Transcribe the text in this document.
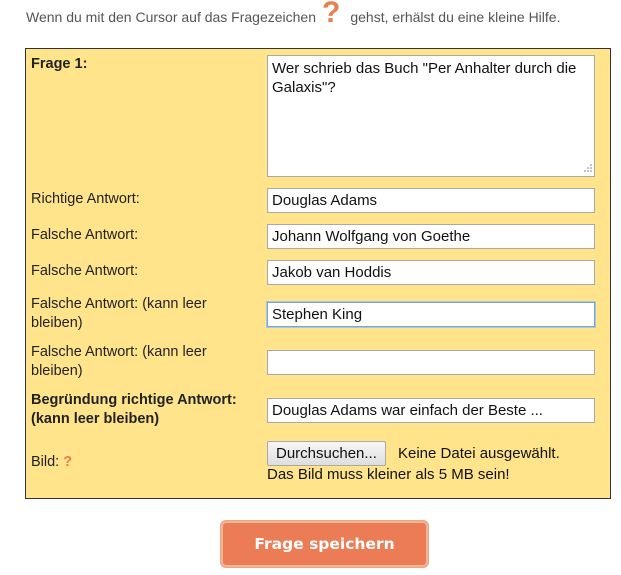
Wenn du mit den Cursor auf das Fragezeichen ? gehst, erhälst du eine kleine Hilfe.
Frage 1:
Wer schrieb das Buch "Per Anhalter durch die Galaxis"?
Richtige Antwort:
Douglas Adams
Falsche Antwort:
Johann Wolfgang von Goethe
Falsche Antwort:
Jakob van Hoddis
Falsche Antwort: (kann leer bleiben)
Stephen King
Falsche Antwort: (kann leer bleiben)
Begründung richtige Antwort: (kann leer bleiben)
Douglas Adams war einfach der Beste ...
Bild: ?	Durchsuchen...	Keine Datei ausgewählt.
Das Bild muss kleiner als 5 MB sein!
Frage speichern
